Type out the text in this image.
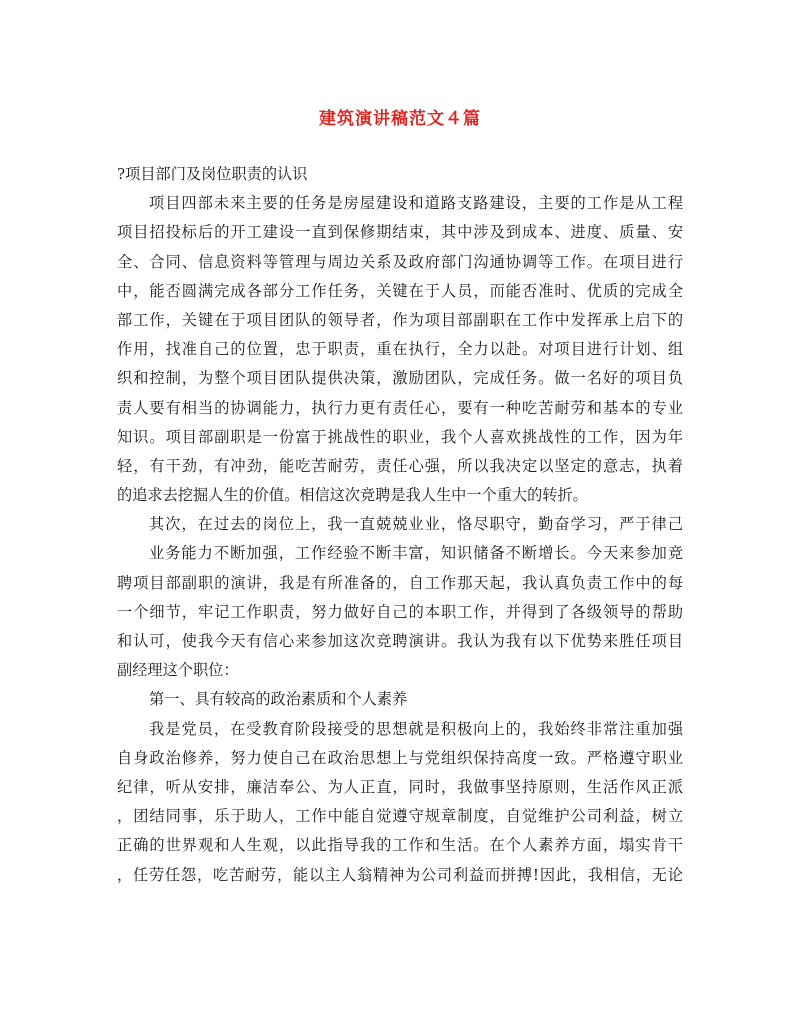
建筑演讲稿范文４篇
?项目部门及岗位职责的认识
项目四部未来主要的任务是房屋建设和道路支路建设，主要的工作是从工程
项目招投标后的开工建设一直到保修期结束，其中涉及到成本、进度、质量、安
全、合同、信息资料等管理与周边关系及政府部门沟通协调等工作。在项目进行
中，能否圆满完成各部分工作任务，关键在于人员，而能否准时、优质的完成全
部工作，关键在于项目团队的领导者，作为项目部副职在工作中发挥承上启下的
作用，找准自己的位置，忠于职责，重在执行，全力以赴。对项目进行计划、组
织和控制，为整个项目团队提供决策，激励团队，完成任务。做一名好的项目负
责人要有相当的协调能力，执行力更有责任心，要有一种吃苦耐劳和基本的专业
知识。项目部副职是一份富于挑战性的职业，我个人喜欢挑战性的工作，因为年
轻，有干劲，有冲劲，能吃苦耐劳，责任心强，所以我决定以坚定的意志，执着
的追求去挖掘人生的价值。相信这次竞聘是我人生中一个重大的转折。
其次，在过去的岗位上，我一直兢兢业业，恪尽职守，勤奋学习，严于律己
业务能力不断加强，工作经验不断丰富，知识储备不断增长。今天来参加竞
聘项目部副职的演讲，我是有所准备的，自工作那天起，我认真负责工作中的每
一个细节，牢记工作职责，努力做好自己的本职工作，并得到了各级领导的帮助
和认可，使我今天有信心来参加这次竞聘演讲。我认为我有以下优势来胜任项目
副经理这个职位：
第一、具有较高的政治素质和个人素养
我是党员，在受教育阶段接受的思想就是积极向上的，我始终非常注重加强
自身政治修养，努力使自己在政治思想上与党组织保持高度一致。严格遵守职业
纪律，听从安排，廉洁奉公、为人正直，同时，我做事坚持原则，生活作风正派
，团结同事，乐于助人，工作中能自觉遵守规章制度，自觉维护公司利益，树立
正确的世界观和人生观，以此指导我的工作和生活。在个人素养方面，塌实肯干
，任劳任怨，吃苦耐劳，能以主人翁精神为公司利益而拼搏!因此，我相信，无论
